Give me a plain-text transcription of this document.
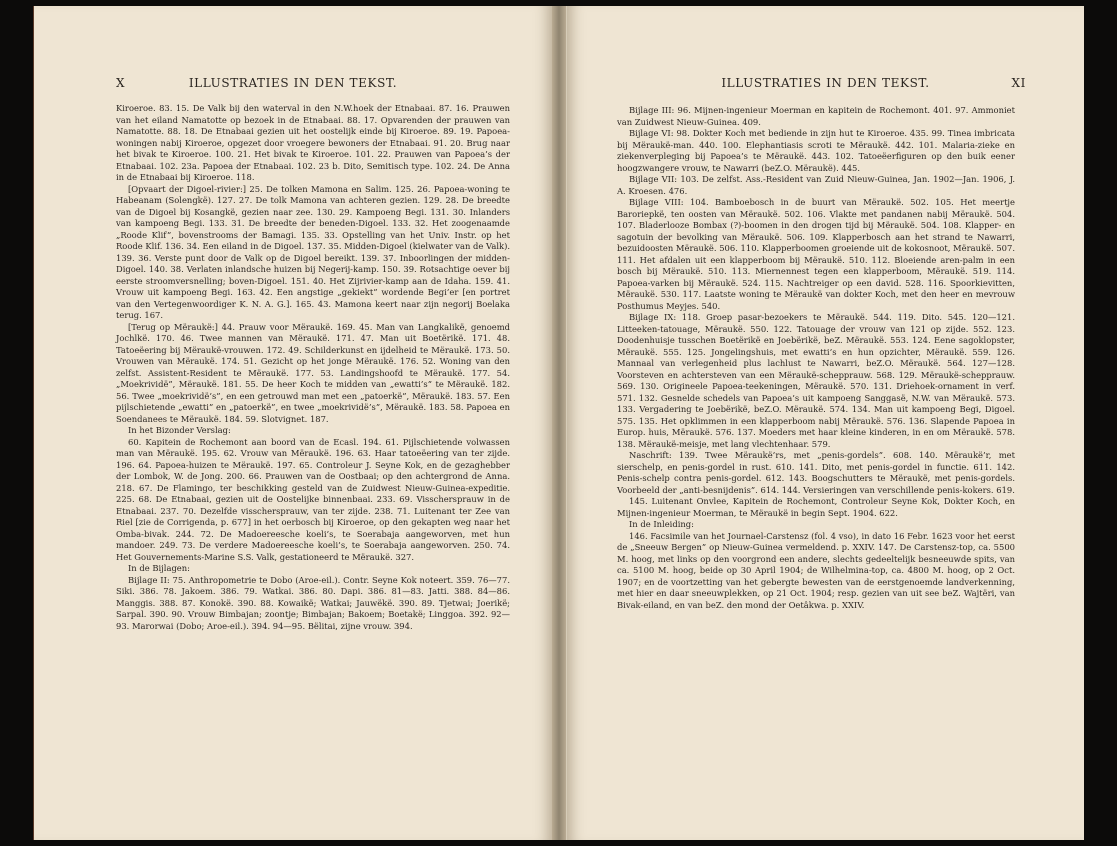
X	ILLUSTRATIES IN DEN TEKST.

Kiroeroe. 83. 15. De Valk bij den waterval in den N.W.hoek der Etnabaai. 87. 16. Prauwen van het eiland Namatotte op bezoek in de Etnabaai. 88. 17. Opvarenden der prauwen van Namatotte. 88. 18. De Etnabaai gezien uit het oostelijk einde bij Kiroeroe. 89. 19. Papoea-woningen nabij Kiroeroe, opgezet door vroegere bewoners der Etnabaai. 91. 20. Brug naar het bivak te Kiroeroe. 100. 21. Het bivak te Kiroeroe. 101. 22. Prauwen van Papoea’s der Etnabaai. 102. 23a. Papoea der Etnabaai. 102. 23 b. Dito, Semitisch type. 102. 24. De Anna in de Etnabaai bij Kiroeroe. 118.

[Opvaart der Digoel-rivier:] 25. De tolken Mamona en Salim. 125. 26. Papoea-woning te Habeanam (Solengkë). 127. 27. De tolk Mamona van achteren gezien. 129. 28. De breedte van de Digoel bij Kosangkë, gezien naar zee. 130. 29. Kampoeng Begi. 131. 30. Inlanders van kampoeng Begi. 133. 31. De breedte der beneden-Digoel. 133. 32. Het zoogenaamde „Roode Klif”, bovenstrooms der Bamagi. 135. 33. Opstelling van het Univ. Instr. op het Roode Klif. 136. 34. Een eiland in de Digoel. 137. 35. Midden-Digoel (kielwater van de Valk). 139. 36. Verste punt door de Valk op de Digoel bereikt. 139. 37. Inboorlingen der midden-Digoel. 140. 38. Verlaten inlandsche huizen bij Negerij-kamp. 150. 39. Rotsachtige oever bij eerste stroomversnelling; boven-Digoel. 151. 40. Het Zijrivier-kamp aan de Idaha. 159. 41. Vrouw uit kampoeng Begi. 163. 42. Een angstige „gekiekt” wordende Begi’er [en portret van den Vertegenwoordiger K. N. A. G.]. 165. 43. Mamona keert naar zijn negorij Boelaka terug. 167.

[Terug op Mëraukë:] 44. Prauw voor Mëraukë. 169. 45. Man van Langkalikë, genoemd Jochlkë. 170. 46. Twee mannen van Mëraukë. 171. 47. Man uit Boetërikë. 171. 48. Tatoeëering bij Mëraukë-vrouwen. 172. 49. Schilderkunst en ijdelheid te Mëraukë. 173. 50. Vrouwen van Mëraukë. 174. 51. Gezicht op het jonge Mëraukë. 176. 52. Woning van den zelfst. Assistent-Resident te Mëraukë. 177. 53. Landingshoofd te Mëraukë. 177. 54. „Moekrividë”, Mëraukë. 181. 55. De heer Koch te midden van „ewatti’s” te Mëraukë. 182. 56. Twee „moekrividë’s”, en een getrouwd man met een „patoerkë”, Mëraukë. 183. 57. Een pijlschietende „ewatti” en „patoerkë”, en twee „moekrividë’s”, Mëraukë. 183. 58. Papoea en Soendanees te Mëraukë. 184. 59. Slotvignet. 187.

In het Bizonder Verslag:

60. Kapitein de Rochemont aan boord van de Ecasl. 194. 61. Pijlschietende volwassen man van Mëraukë. 195. 62. Vrouw van Mëraukë. 196. 63. Haar tatoeëering van ter zijde. 196. 64. Papoea-huizen te Mëraukë. 197. 65. Controleur J. Seyne Kok, en de gezaghebber der Lombok, W. de Jong. 200. 66. Prauwen van de Oostbaai; op den achtergrond de Anna. 218. 67. De Flamingo, ter beschikking gesteld van de Zuidwest Nieuw-Guinea-expeditie. 225. 68. De Etnabaai, gezien uit de Oostelijke binnenbaai. 233. 69. Visschersprauw in de Etnabaai. 237. 70. Dezelfde visschersprauw, van ter zijde. 238. 71. Luitenant ter Zee van Riel [zie de Corrigenda, p. 677] in het oerbosch bij Kiroeroe, op den gekapten weg naar het Omba-bivak. 244. 72. De Madoereesche koeli’s, te Soerabaja aangeworven, met hun mandoer. 249. 73. De verdere Madoereesche koeli’s, te Soerabaja aangeworven. 250. 74. Het Gouvernements-Marine S.S. Valk, gestationeerd te Mëraukë. 327.

In de Bijlagen:

Bijlage II: 75. Anthropometrie te Dobo (Aroe-eil.). Contr. Seyne Kok noteert. 359. 76—77. Siki. 386. 78. Jakoem. 386. 79. Watkai. 386. 80. Dapi. 386. 81—83. Jatti. 388. 84—86. Manggis. 388. 87. Konokë. 390. 88. Kowaikë; Watkai; Jauwëkë. 390. 89. Tjetwai; Joerikë; Sarpal. 390. 90. Vrouw Bimbajan; zoontje; Bimbajan; Bakoem; Boetakë; Linggoa. 392. 92—93. Marorwai (Dobo; Aroe-eil.). 394. 94—95. Bëlitai, zijne vrouw. 394.

ILLUSTRATIES IN DEN TEKST.	XI

Bijlage III: 96. Mijnen-ingenieur Moerman en kapitein de Rochemont. 401. 97. Ammoniet van Zuidwest Nieuw-Guinea. 409.

Bijlage VI: 98. Dokter Koch met bediende in zijn hut te Kiroeroe. 435. 99. Tinea imbricata bij Mëraukë-man. 440. 100. Elephantiasis scroti te Mëraukë. 442. 101. Malaria-zieke en ziekenverpleging bij Papoea’s te Mëraukë. 443. 102. Tatoeëerfiguren op den buik eener hoogzwangere vrouw, te Nawarri (beZ.O. Mëraukë). 445.

Bijlage VII: 103. De zelfst. Ass.-Resident van Zuid Nieuw-Guinea, Jan. 1902—Jan. 1906, J. A. Kroesen. 476.

Bijlage VIII: 104. Bamboebosch in de buurt van Mëraukë. 502. 105. Het meertje Baroriepkë, ten oosten van Mëraukë. 502. 106. Vlakte met pandanen nabij Mëraukë. 504. 107. Bladerlooze Bombax (?)-boomen in den drogen tijd bij Mëraukë. 504. 108. Klapper- en sagotuin der bevolking van Mëraukë. 506. 109. Klapperbosch aan het strand te Nawarri, bezuidoosten Mëraukë. 506. 110. Klapperboomen groeiende uit de kokosnoot, Mëraukë. 507. 111. Het afdalen uit een klapperboom bij Mëraukë. 510. 112. Bloeiende aren-palm in een bosch bij Mëraukë. 510. 113. Miernennest tegen een klapperboom, Mëraukë. 519. 114. Papoea-varken bij Mëraukë. 524. 115. Nachtreiger op een david. 528. 116. Spoorkievitten, Mëraukë. 530. 117. Laatste woning te Mëraukë van dokter Koch, met den heer en mevrouw Posthumus Meyjes. 540.

Bijlage IX: 118. Groep pasar-bezoekers te Mëraukë. 544. 119. Dito. 545. 120—121. Litteeken-tatouage, Mëraukë. 550. 122. Tatouage der vrouw van 121 op zijde. 552. 123. Doodenhuisje tusschen Boetërikë en Joebërikë, beZ. Mëraukë. 553. 124. Eene sagoklopster, Mëraukë. 555. 125. Jongelingshuis, met ewatti’s en hun opzichter, Mëraukë. 559. 126. Mannaal van verlegenheid plus lachlust te Nawarri, beZ.O. Mëraukë. 564. 127—128. Voorsteven en achtersteven van een Mëraukë-schepprauw. 568. 129. Mëraukë-schepprauw. 569. 130. Origineele Papoea-teekeningen, Mëraukë. 570. 131. Driehoek-ornament in verf. 571. 132. Gesnelde schedels van Papoea’s uit kampoeng Sanggasë, N.W. van Mëraukë. 573. 133. Vergadering te Joebërikë, beZ.O. Mëraukë. 574. 134. Man uit kampoeng Begi, Digoel. 575. 135. Het opklimmen in een klapperboom nabij Mëraukë. 576. 136. Slapende Papoea in Europ. huis, Mëraukë. 576. 137. Moeders met haar kleine kinderen, in en om Mëraukë. 578. 138. Mëraukë-meisje, met lang vlechtenhaar. 579.

Naschrift: 139. Twee Mëraukë’rs, met „penis-gordels”. 608. 140. Mëraukë’r, met sierschelp, en penis-gordel in rust. 610. 141. Dito, met penis-gordel in functie. 611. 142. Penis-schelp contra penis-gordel. 612. 143. Boogschutters te Mëraukë, met penis-gordels. Voorbeeld der „anti-besnijdenis”. 614. 144. Versieringen van verschillende penis-kokers. 619.

145. Luitenant Onvlee, Kapitein de Rochemont, Controleur Seyne Kok, Dokter Koch, en Mijnen-ingenieur Moerman, te Mëraukë in begin Sept. 1904. 622.

In de Inleiding:

146. Facsimile van het Journael-Carstensz (fol. 4 vso), in dato 16 Febr. 1623 voor het eerst de „Sneeuw Bergen” op Nieuw-Guinea vermeldend. p. XXIV. 147. De Carstensz-top, ca. 5500 M. hoog, met links op den voorgrond een andere, slechts gedeeltelijk besneeuwde spits, van ca. 5100 M. hoog, beide op 30 April 1904; de Wilhelmina-top, ca. 4800 M. hoog, op 2 Oct. 1907; en de voortzetting van het gebergte bewesten van de eerstgenoemde landverkenning, met hier en daar sneeuwplekken, op 21 Oct. 1904; resp. gezien van uit see beZ. Wajtëri, van Bivak-eiland, en van beZ. den mond der Oetâkwa. p. XXIV.
